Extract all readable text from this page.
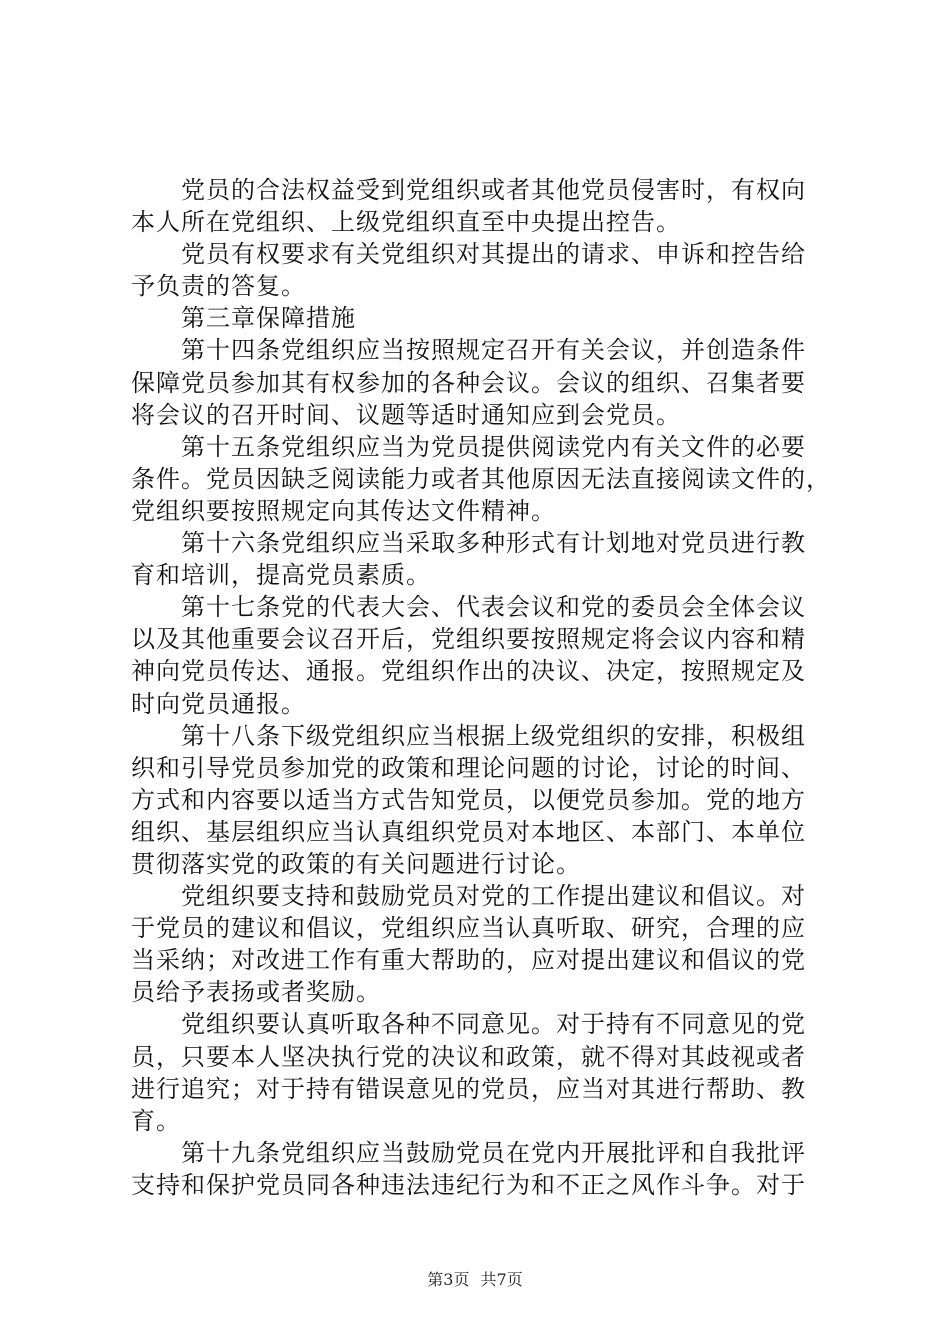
党员的合法权益受到党组织或者其他党员侵害时，有权向
本人所在党组织、上级党组织直至中央提出控告。
党员有权要求有关党组织对其提出的请求、申诉和控告给
予负责的答复。
第三章保障措施
第十四条党组织应当按照规定召开有关会议，并创造条件
保障党员参加其有权参加的各种会议。会议的组织、召集者要
将会议的召开时间、议题等适时通知应到会党员。
第十五条党组织应当为党员提供阅读党内有关文件的必要
条件。党员因缺乏阅读能力或者其他原因无法直接阅读文件的，
党组织要按照规定向其传达文件精神。
第十六条党组织应当采取多种形式有计划地对党员进行教
育和培训，提高党员素质。
第十七条党的代表大会、代表会议和党的委员会全体会议
以及其他重要会议召开后，党组织要按照规定将会议内容和精
神向党员传达、通报。党组织作出的决议、决定，按照规定及
时向党员通报。
第十八条下级党组织应当根据上级党组织的安排，积极组
织和引导党员参加党的政策和理论问题的讨论，讨论的时间、
方式和内容要以适当方式告知党员，以便党员参加。党的地方
组织、基层组织应当认真组织党员对本地区、本部门、本单位
贯彻落实党的政策的有关问题进行讨论。
党组织要支持和鼓励党员对党的工作提出建议和倡议。对
于党员的建议和倡议，党组织应当认真听取、研究，合理的应
当采纳；对改进工作有重大帮助的，应对提出建议和倡议的党
员给予表扬或者奖励。
党组织要认真听取各种不同意见。对于持有不同意见的党
员，只要本人坚决执行党的决议和政策，就不得对其歧视或者
进行追究；对于持有错误意见的党员，应当对其进行帮助、教
育。
第十九条党组织应当鼓励党员在党内开展批评和自我批评
支持和保护党员同各种违法违纪行为和不正之风作斗争。对于
第3页 共7页
